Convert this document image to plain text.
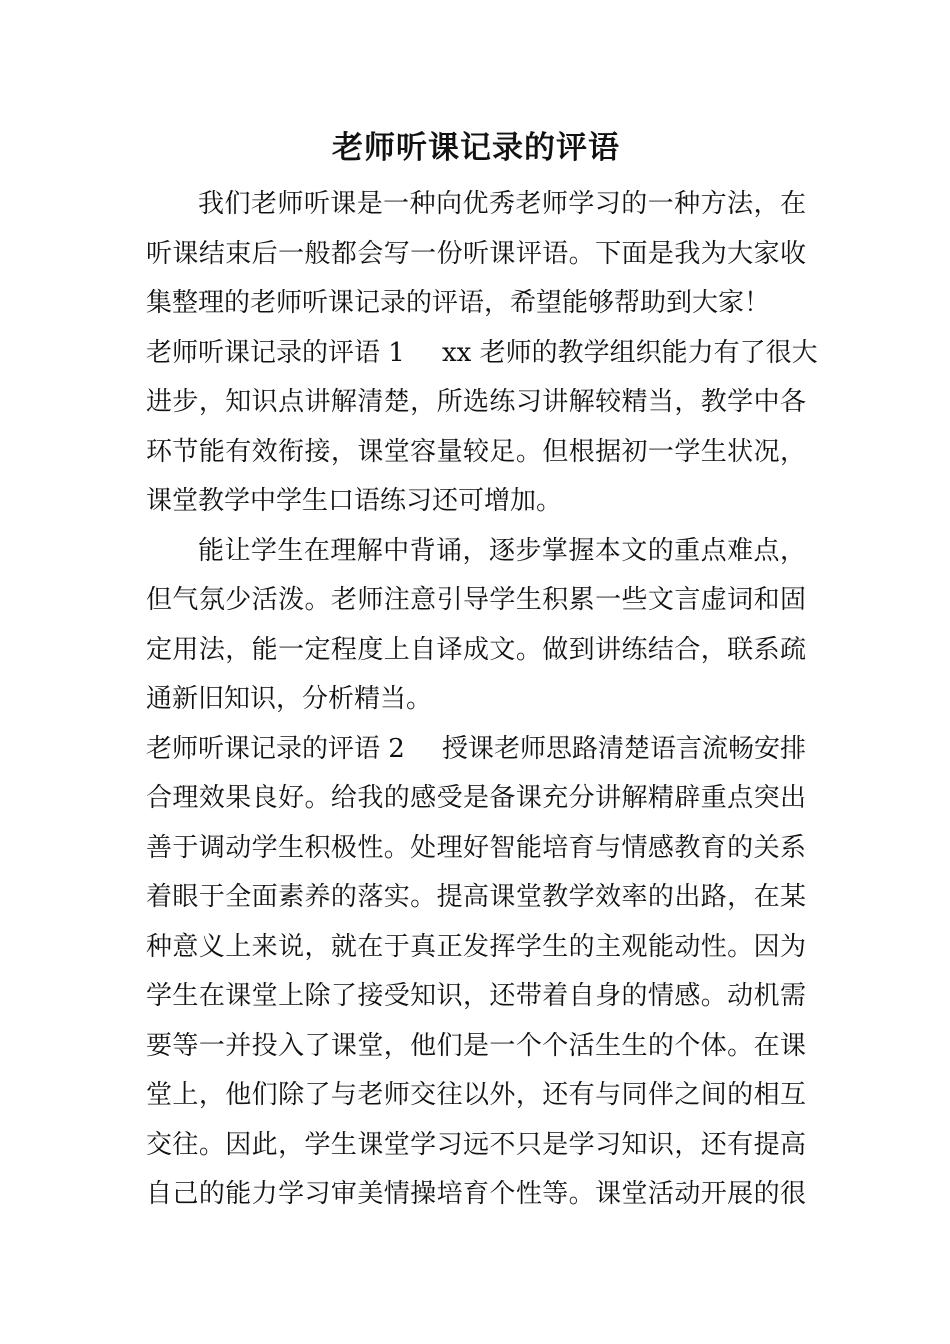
老师听课记录的评语

我们老师听课是一种向优秀老师学习的一种方法，在
听课结束后一般都会写一份听课评语。下面是我为大家收
集整理的老师听课记录的评语，希望能够帮助到大家！

老师听课记录的评语 1 xx 老师的教学组织能力有了很大
进步，知识点讲解清楚，所选练习讲解较精当，教学中各
环节能有效衔接，课堂容量较足。但根据初一学生状况，
课堂教学中学生口语练习还可增加。

能让学生在理解中背诵，逐步掌握本文的重点难点，
但气氛少活泼。老师注意引导学生积累一些文言虚词和固
定用法，能一定程度上自译成文。做到讲练结合，联系疏
通新旧知识，分析精当。

老师听课记录的评语 2 授课老师思路清楚语言流畅安排
合理效果良好。给我的感受是备课充分讲解精辟重点突出
善于调动学生积极性。处理好智能培育与情感教育的关系
着眼于全面素养的落实。提高课堂教学效率的出路，在某
种意义上来说，就在于真正发挥学生的主观能动性。因为
学生在课堂上除了接受知识，还带着自身的情感。动机需
要等一并投入了课堂，他们是一个个活生生的个体。在课
堂上，他们除了与老师交往以外，还有与同伴之间的相互
交往。因此，学生课堂学习远不只是学习知识，还有提高
自己的能力学习审美情操培育个性等。课堂活动开展的很
